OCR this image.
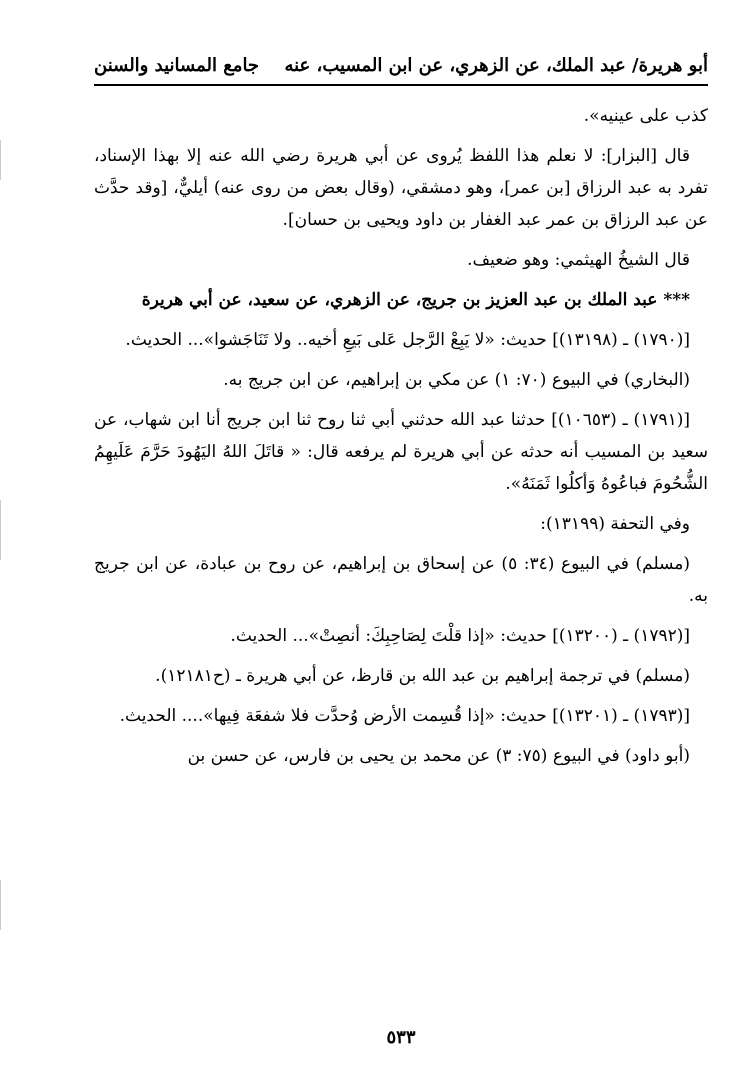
أبو هريرة/ عبد الملك، عن الزهري، عن ابن المسيب، عنه
جامع المسانيد والسنن

كذب على عينيه».

قال [البزار]: لا نعلم هذا اللفظ يُروى عن أبي هريرة رضي الله عنه إلا بهذا الإسناد، تفرد به عبد الرزاق [بن عمر]، وهو دمشقي، (وقال بعض من روى عنه) أيليٌّ، [وقد حدَّث عن عبد الرزاق بن عمر عبد الغفار بن داود ويحيى بن حسان].

قال الشيخُ الهيثمي: وهو ضعيف.

*** عبد الملك بن عبد العزيز بن جريج، عن الزهري، عن سعيد، عن أبي هريرة

[(١٧٩٠) ـ (١٣١٩٨)] حديث: «لا يَبِعْ الرَّجل عَلى بَيعِ أخيه.. ولا تَنَاجَشوا»... الحديث.

(البخاري) في البيوع (٧٠: ١) عن مكي بن إبراهيم، عن ابن جريج به.

[(١٧٩١) ـ (١٠٦٥٣)] حدثنا عبد الله حدثني أبي ثنا روح ثنا ابن جريج أنا ابن شهاب، عن سعيد بن المسيب أنه حدثه عن أبي هريرة لم يرفعه قال: « قاتَلَ اللهُ اليَهُودَ حَرَّمَ عَلَيهِمُ الشُّحُومَ فباعُوهُ وَأكلُوا ثَمَنَهُ».

وفي التحفة (١٣١٩٩):

(مسلم) في البيوع (٣٤: ٥) عن إسحاق بن إبراهيم، عن روح بن عبادة، عن ابن جريج به.

[(١٧٩٢) ـ (١٣٢٠٠)] حديث: «إذا قلْتَ لِصَاحِبِكَ: أنصِتْ»... الحديث.

(مسلم) في ترجمة إبراهيم بن عبد الله بن قارظ، عن أبي هريرة ـ (ح١٢١٨١).

[(١٧٩٣) ـ (١٣٢٠١)] حديث: «إذا قُسِمت الأرض وُحدَّت فلا شفعَة فِيها».... الحديث.

(أبو داود) في البيوع (٧٥: ٣) عن محمد بن يحيى بن فارس، عن حسن بن

٥٣٣
